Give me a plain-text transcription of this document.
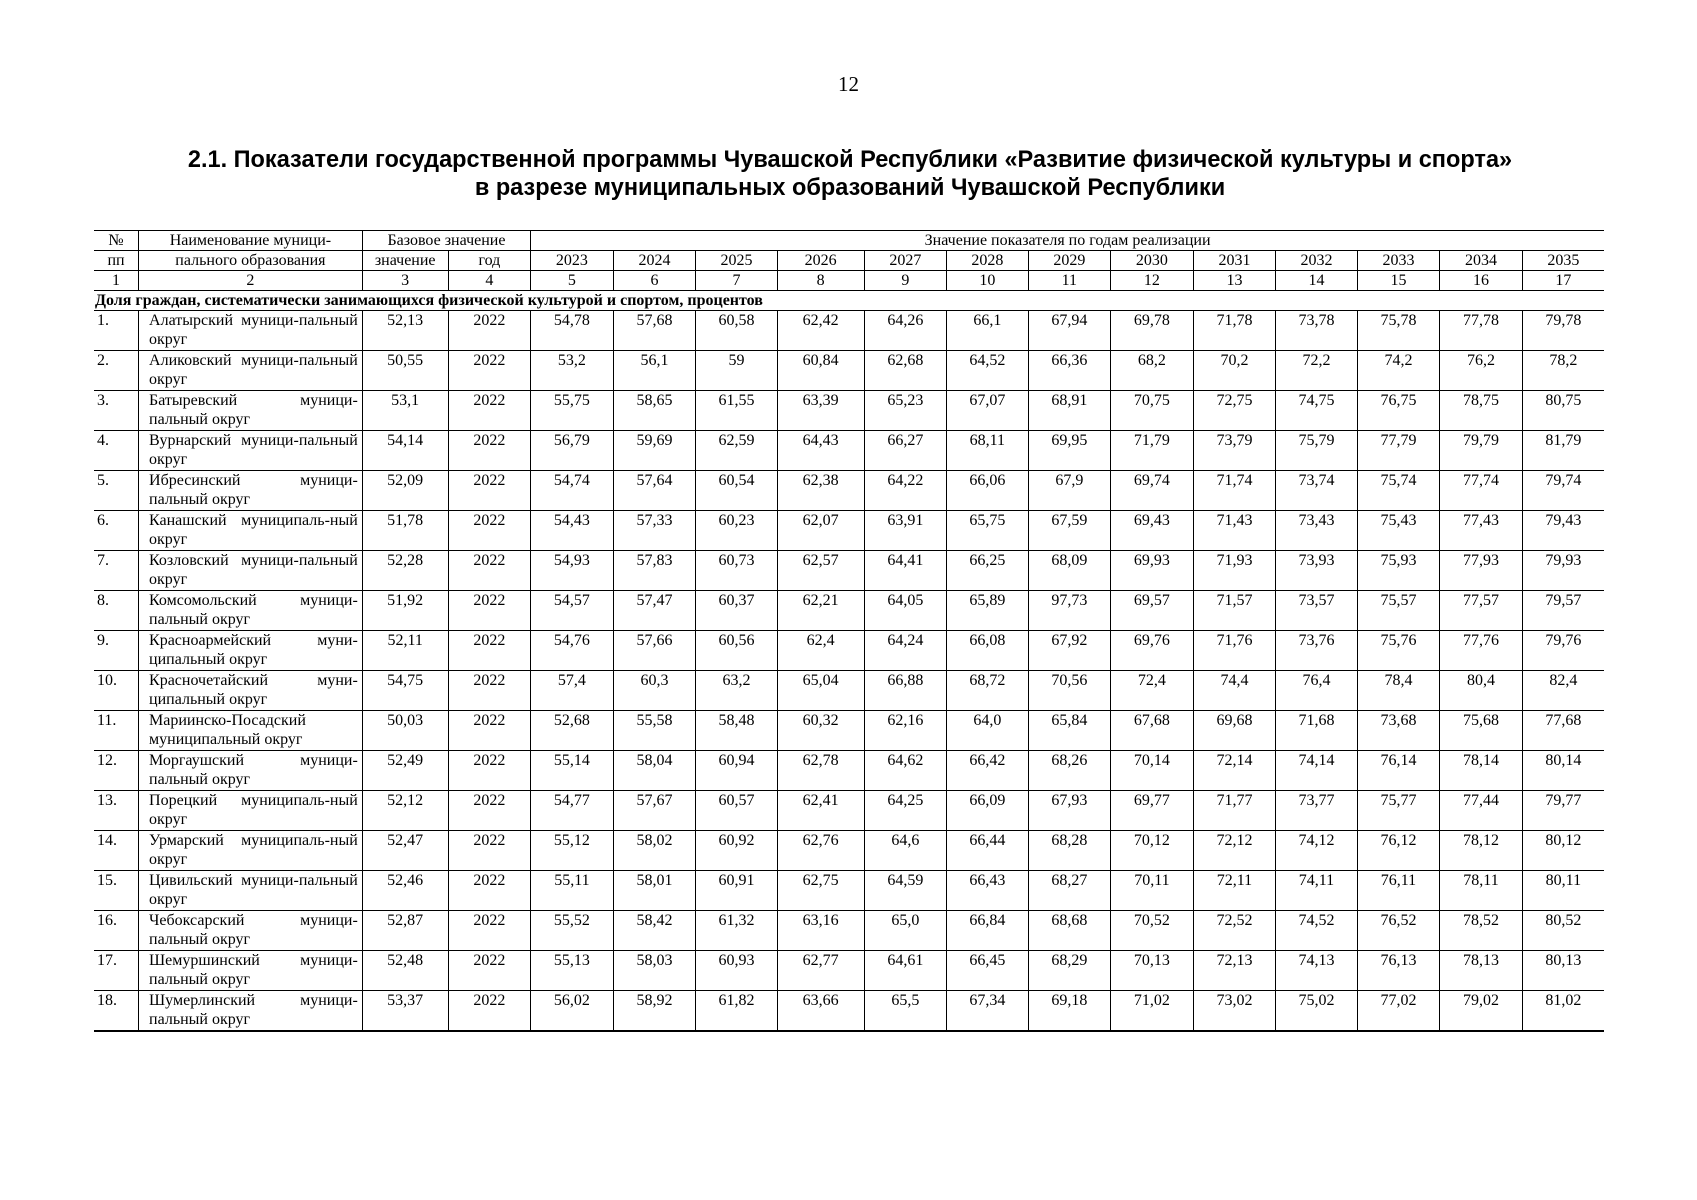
12
2.1. Показатели государственной программы Чувашской Республики «Развитие физической культуры и спорта»
в разрезе муниципальных образований Чувашской Республики
№	Наименование муници-	Базовое значение		Значение показателя по годам реализации												
пп	пального образования	значение	год	2023	2024	2025	2026	2027	2028	2029	2030	2031	2032	2033	2034	2035
1	2	3	4	5	6	7	8	9	10	11	12	13	14	15	16	17
Доля граждан, систематически занимающихся физической культурой и спортом, процентов																
1.	Алатырский муници-пальный округ	52,13	2022	54,78	57,68	60,58	62,42	64,26	66,1	67,94	69,78	71,78	73,78	75,78	77,78	79,78
2.	Аликовский муници-пальный округ	50,55	2022	53,2	56,1	59	60,84	62,68	64,52	66,36	68,2	70,2	72,2	74,2	76,2	78,2
3.	Батыревский муници-пальный округ	53,1	2022	55,75	58,65	61,55	63,39	65,23	67,07	68,91	70,75	72,75	74,75	76,75	78,75	80,75
4.	Вурнарский муници-пальный округ	54,14	2022	56,79	59,69	62,59	64,43	66,27	68,11	69,95	71,79	73,79	75,79	77,79	79,79	81,79
5.	Ибресинский муници-пальный округ	52,09	2022	54,74	57,64	60,54	62,38	64,22	66,06	67,9	69,74	71,74	73,74	75,74	77,74	79,74
6.	Канашский муниципаль-ный округ	51,78	2022	54,43	57,33	60,23	62,07	63,91	65,75	67,59	69,43	71,43	73,43	75,43	77,43	79,43
7.	Козловский муници-пальный округ	52,28	2022	54,93	57,83	60,73	62,57	64,41	66,25	68,09	69,93	71,93	73,93	75,93	77,93	79,93
8.	Комсомольский муници-пальный округ	51,92	2022	54,57	57,47	60,37	62,21	64,05	65,89	97,73	69,57	71,57	73,57	75,57	77,57	79,57
9.	Красноармейский муни-ципальный округ	52,11	2022	54,76	57,66	60,56	62,4	64,24	66,08	67,92	69,76	71,76	73,76	75,76	77,76	79,76
10.	Красночетайский муни-ципальный округ	54,75	2022	57,4	60,3	63,2	65,04	66,88	68,72	70,56	72,4	74,4	76,4	78,4	80,4	82,4
11.	Мариинско-Посадский муниципальный округ	50,03	2022	52,68	55,58	58,48	60,32	62,16	64,0	65,84	67,68	69,68	71,68	73,68	75,68	77,68
12.	Моргаушский муници-пальный округ	52,49	2022	55,14	58,04	60,94	62,78	64,62	66,42	68,26	70,14	72,14	74,14	76,14	78,14	80,14
13.	Порецкий муниципаль-ный округ	52,12	2022	54,77	57,67	60,57	62,41	64,25	66,09	67,93	69,77	71,77	73,77	75,77	77,44	79,77
14.	Урмарский муниципаль-ный округ	52,47	2022	55,12	58,02	60,92	62,76	64,6	66,44	68,28	70,12	72,12	74,12	76,12	78,12	80,12
15.	Цивильский муници-пальный округ	52,46	2022	55,11	58,01	60,91	62,75	64,59	66,43	68,27	70,11	72,11	74,11	76,11	78,11	80,11
16.	Чебоксарский муници-пальный округ	52,87	2022	55,52	58,42	61,32	63,16	65,0	66,84	68,68	70,52	72,52	74,52	76,52	78,52	80,52
17.	Шемуршинский муници-пальный округ	52,48	2022	55,13	58,03	60,93	62,77	64,61	66,45	68,29	70,13	72,13	74,13	76,13	78,13	80,13
18.	Шумерлинский муници-пальный округ	53,37	2022	56,02	58,92	61,82	63,66	65,5	67,34	69,18	71,02	73,02	75,02	77,02	79,02	81,02
